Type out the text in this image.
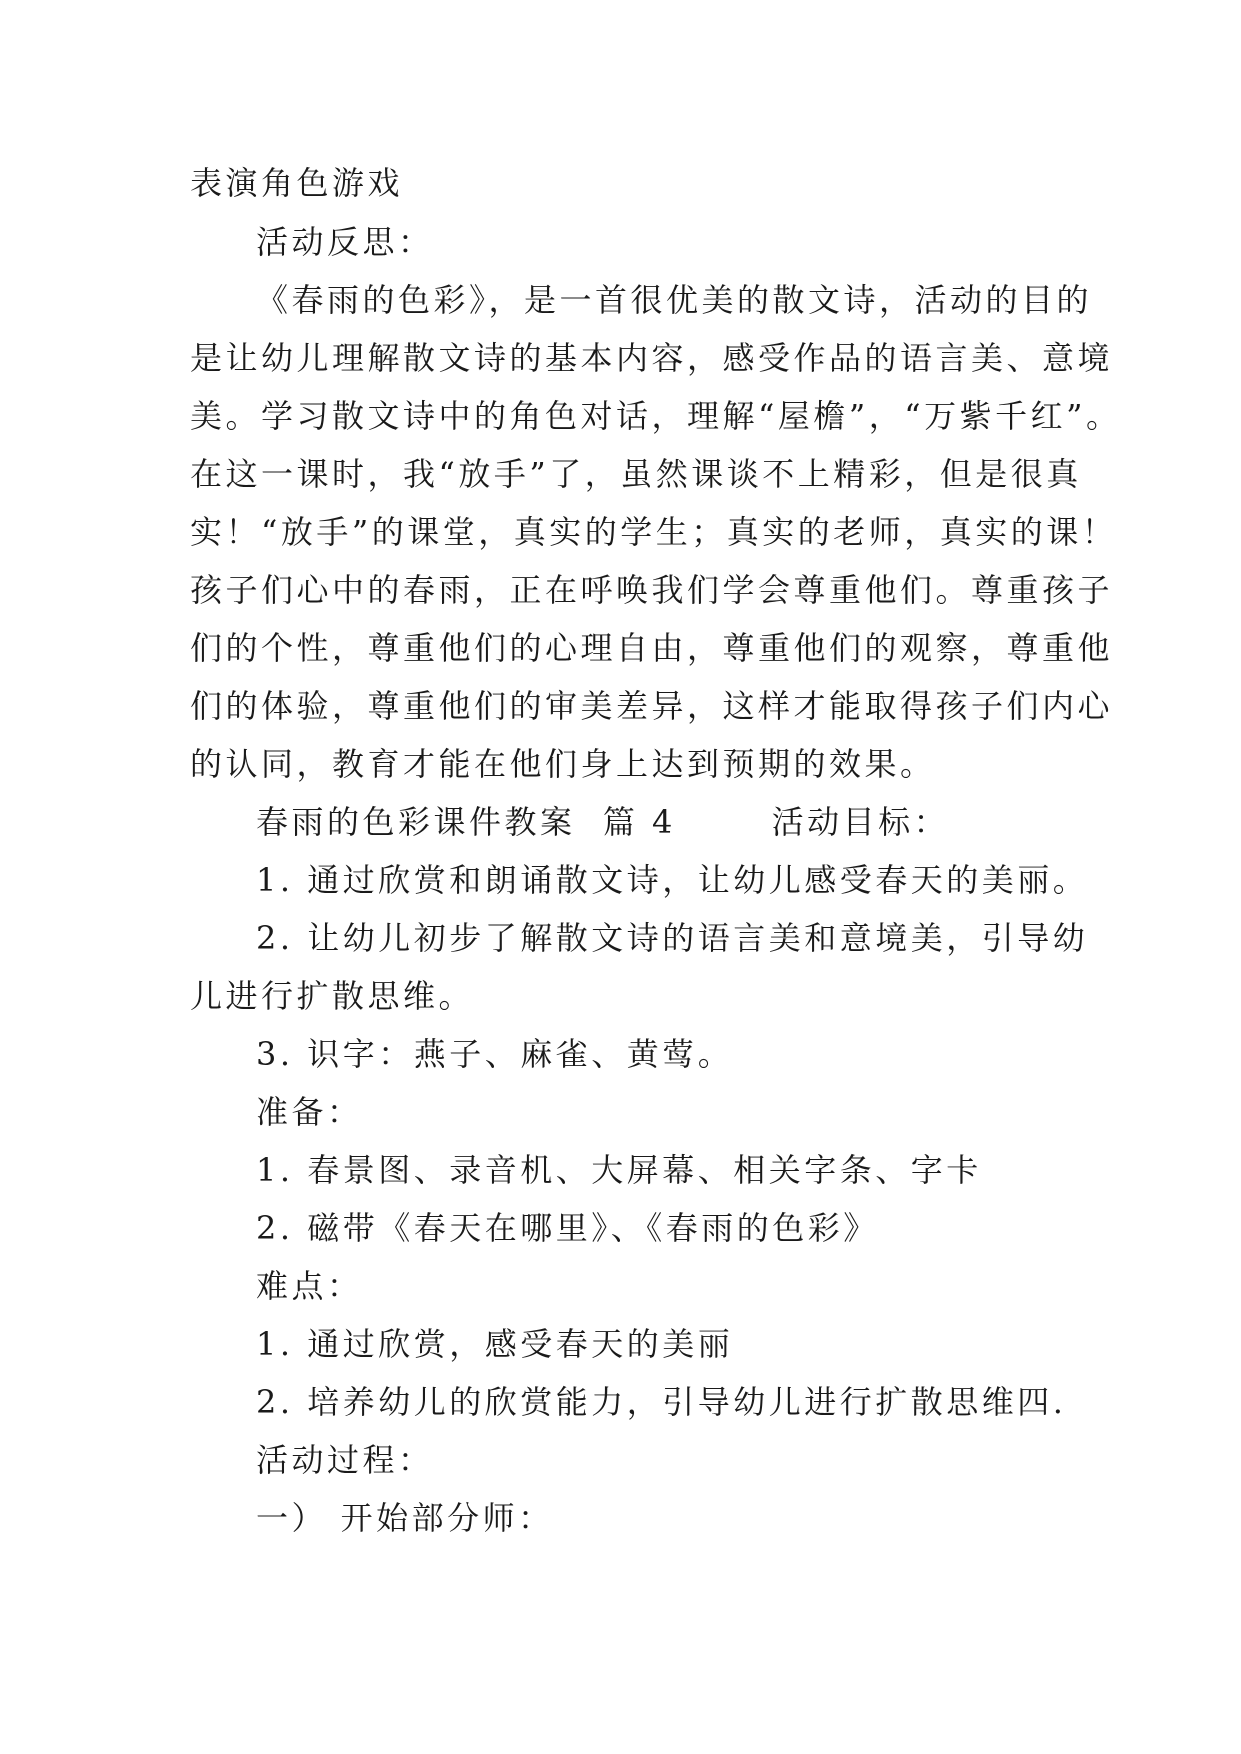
表演角色游戏
活动反思：
《春雨的色彩》，是一首很优美的散文诗，活动的目的
是让幼儿理解散文诗的基本内容，感受作品的语言美、意境
美。学习散文诗中的角色对话，理解“屋檐”，“万紫千红”。
在这一课时，我“放手”了，虽然课谈不上精彩，但是很真
实！“放手”的课堂，真实的学生；真实的老师，真实的课！
孩子们心中的春雨，正在呼唤我们学会尊重他们。尊重孩子
们的个性，尊重他们的心理自由，尊重他们的观察，尊重他
们的体验，尊重他们的审美差异，这样才能取得孩子们内心
的认同，教育才能在他们身上达到预期的效果。
春雨的色彩课件教案  篇 4       活动目标：
1. 通过欣赏和朗诵散文诗，让幼儿感受春天的美丽。
2. 让幼儿初步了解散文诗的语言美和意境美，引导幼
儿进行扩散思维。
3. 识字：燕子、麻雀、黄莺。
准备：
1. 春景图、录音机、大屏幕、相关字条、字卡
2. 磁带《春天在哪里》、《春雨的色彩》
难点：
1. 通过欣赏，感受春天的美丽
2. 培养幼儿的欣赏能力，引导幼儿进行扩散思维四.
活动过程：
一） 开始部分师：
